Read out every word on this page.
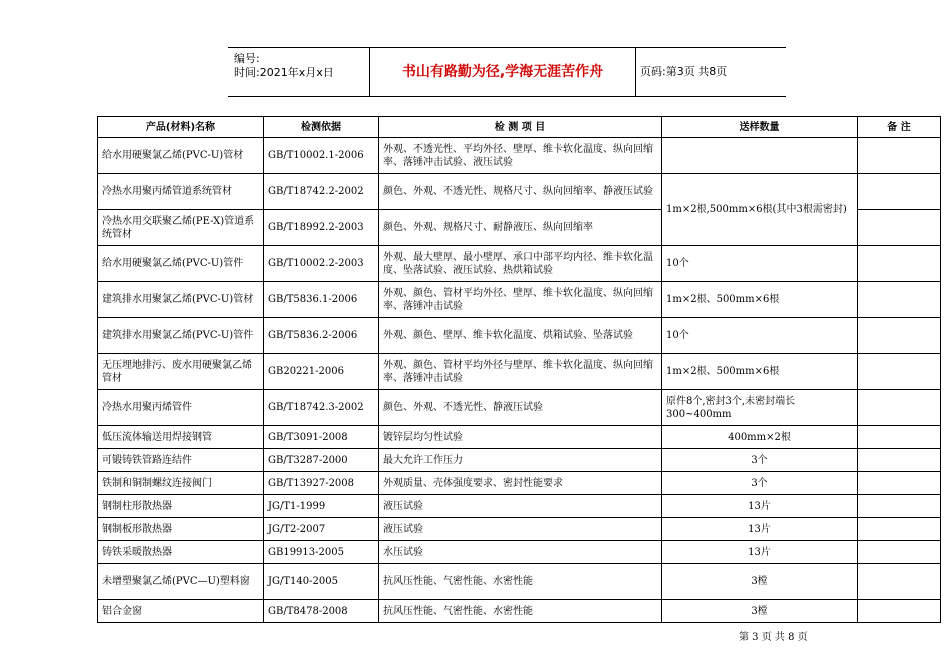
编号:
时间:2021年x月x日	书山有路勤为径,学海无涯苦作舟	页码:第3页 共8页
产品(材料)名称	检测依据	检 测 项 目	送样数量	备 注
给水用硬聚氯乙烯(PVC-U)管材	GB/T10002.1-2006	外观、不透光性、平均外径、壁厚、维卡软化温度、纵向回缩率、落锤冲击试验、液压试验		
冷热水用聚丙烯管道系统管材	GB/T18742.2-2002	颜色、外观、不透光性、规格尺寸、纵向回缩率、静液压试验	1m×2根,500mm×6根(其中3根需密封)	
冷热水用交联聚乙烯(PE-X)管道系统管材	GB/T18992.2-2003	颜色、外观、规格尺寸、耐静液压、纵向回缩率		
给水用硬聚氯乙烯(PVC-U)管件	GB/T10002.2-2003	外观、最大壁厚、最小壁厚、承口中部平均内径、维卡软化温度、坠落试验、液压试验、热烘箱试验	10个	
建筑排水用聚氯乙烯(PVC-U)管材	GB/T5836.1-2006	外观、颜色、管材平均外径、壁厚、维卡软化温度、纵向回缩率、落锤冲击试验	1m×2根、500mm×6根	
建筑排水用聚氯乙烯(PVC-U)管件	GB/T5836.2-2006	外观、颜色、壁厚、维卡软化温度、烘箱试验、坠落试验	10个	
无压埋地排污、废水用硬聚氯乙烯管材	GB20221-2006	外观、颜色、管材平均外径与壁厚、维卡软化温度、纵向回缩率、落锤冲击试验	1m×2根、500mm×6根	
冷热水用聚丙烯管件	GB/T18742.3-2002	颜色、外观、不透光性、静液压试验	原件8个,密封3个,未密封端长300~400mm	
低压流体输送用焊接钢管	GB/T3091-2008	镀锌层均匀性试验	400mm×2根	
可锻铸铁管路连结件	GB/T3287-2000	最大允许工作压力	3个	
铁制和铜制螺纹连接阀门	GB/T13927-2008	外观质量、壳体强度要求、密封性能要求	3个	
钢制柱形散热器	JG/T1-1999	液压试验	13片	
钢制板形散热器	JG/T2-2007	液压试验	13片	
铸铁采暖散热器	GB19913-2005	水压试验	13片	
未增塑聚氯乙烯(PVC—U)塑料窗	JG/T140-2005	抗风压性能、气密性能、水密性能	3樘	
铝合金窗	GB/T8478-2008	抗风压性能、气密性能、水密性能	3樘	
第 3 页 共 8 页
